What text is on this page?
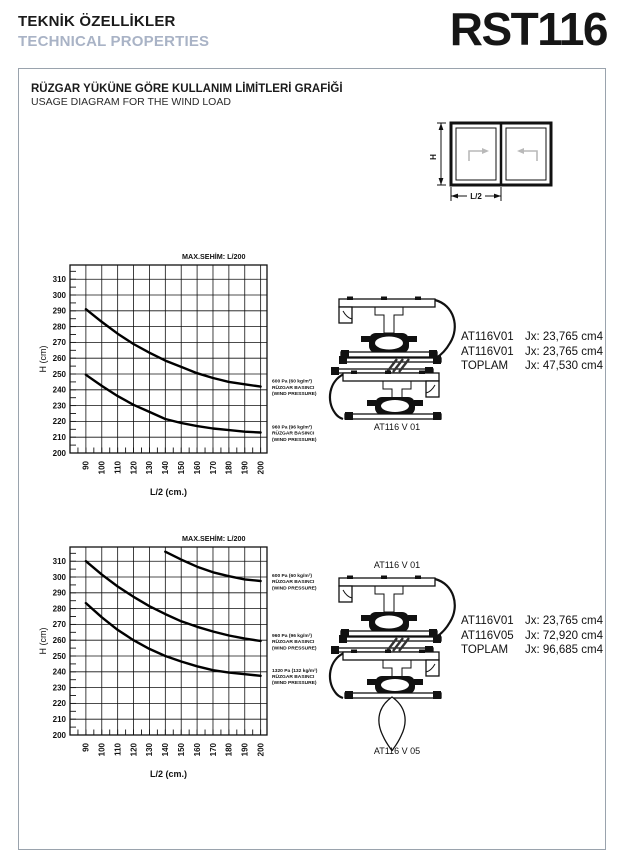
TEKNİK ÖZELLİKLER
TECHNICAL PROPERTIES	RST116
RÜZGAR YÜKÜNE GÖRE KULLANIM LİMİTLERİ GRAFİĞİ
USAGE DIAGRAM FOR THE WIND LOAD
H
L/2
200
210
220
230
240
250
260
270
280
290
300
310
90 100 110 120 130 140 150 160 170 180 190 200
MAX.SEHİM: L/200
H (cm)
L/2 (cm.)
600 Pa (60 kg/m²)
RÜZGAR BASINCI
(WIND PRESSURE)
960 Pa (96 kg/m²)
RÜZGAR BASINCI
(WIND PRESSURE)
200
210
220
230
240
250
260
270
280
290
300
310
90 100 110 120 130 140 150 160 170 180 190 200
MAX.SEHİM: L/200
H (cm)
L/2 (cm.)
600 Pa (60 kg/m²)
RÜZGAR BASINCI
(WIND PRESSURE)
960 Pa (96 kg/m²)
RÜZGAR BASINCI
(WIND PRESSURE)
1320 Pa (132 kg/m²)
RÜZGAR BASINCI
(WIND PRESSURE)
AT116 V 01
AT116V01 Jx: 23,765 cm4
AT116V01 Jx: 23,765 cm4
TOPLAM	Jx: 47,530 cm4
AT116 V 01
AT116 V 05
AT116V01 Jx: 23,765 cm4
AT116V05 Jx: 72,920 cm4
TOPLAM	Jx: 96,685 cm4
